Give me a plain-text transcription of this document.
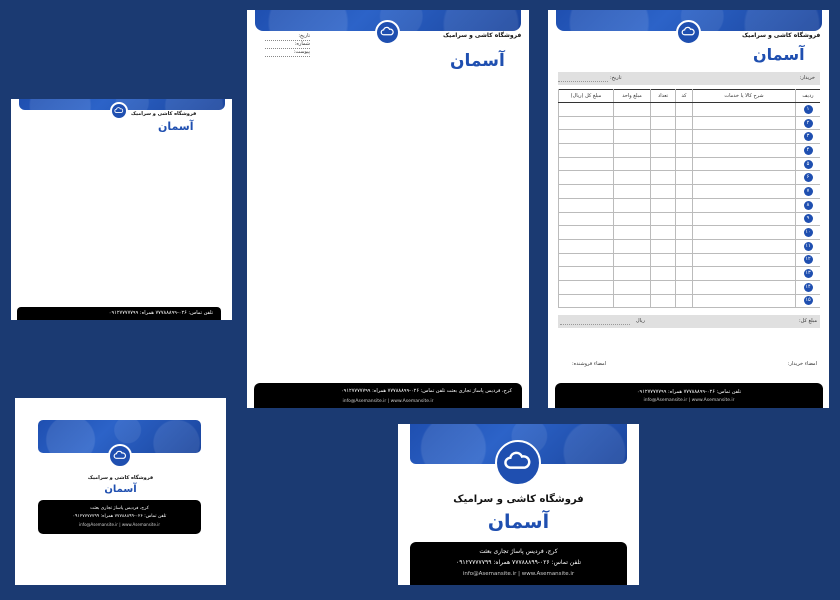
فروشگاه کاشی و سرامیک
آسمان
تلفن تماس: ۰۲۶-۷۷۷۸۸۸۹۹ همراه: ۰۹۱۲۷۷۷۷۷۹۹
فروشگاه کاشی و سرامیک
آسمان
تاریخ:
شماره:
پیوست:
کرج، فردیس پاساژ تجاری بعثت تلفن تماس: ۰۲۶-۷۷۷۸۸۸۹۹ همراه: ۰۹۱۲۷۷۷۷۷۹۹
info@Asemansite.ir | www.Asemansite.ir
فروشگاه کاشی و سرامیک
آسمان
خریدار:
تاریخ:
ردیف	شرح کالا یا خدمات	کد	تعداد	مبلغ واحد	مبلغ کل (ریال)
۱					
۲					
۳					
۴					
۵					
۶					
۷					
۸					
۹					
۱۰					
۱۱					
۱۲					
۱۳					
۱۴					
۱۵					
مبلغ کل:
ریال
امضاء خریدار:
امضاء فروشنده:
تلفن تماس: ۰۲۶-۷۷۷۸۸۸۹۹ همراه: ۰۹۱۲۷۷۷۷۷۹۹
info@Asemansite.ir | www.Asemansite.ir
فروشگاه کاشی و سرامیک
آسمان
کرج، فردیس پاساژ تجاری بعثت
تلفن تماس: ۰۲۶-۷۷۷۸۸۸۹۹ همراه: ۰۹۱۲۷۷۷۷۷۹۹
info@Asemansite.ir | www.Asemansite.ir
فروشگاه کاشی و سرامیک
آسمان
کرج، فردیس پاساژ تجاری بعثت
تلفن تماس: ۰۲۶-۷۷۷۸۸۸۹۹ همراه: ۰۹۱۲۷۷۷۷۷۹۹
info@Asemansite.ir | www.Asemansite.ir
